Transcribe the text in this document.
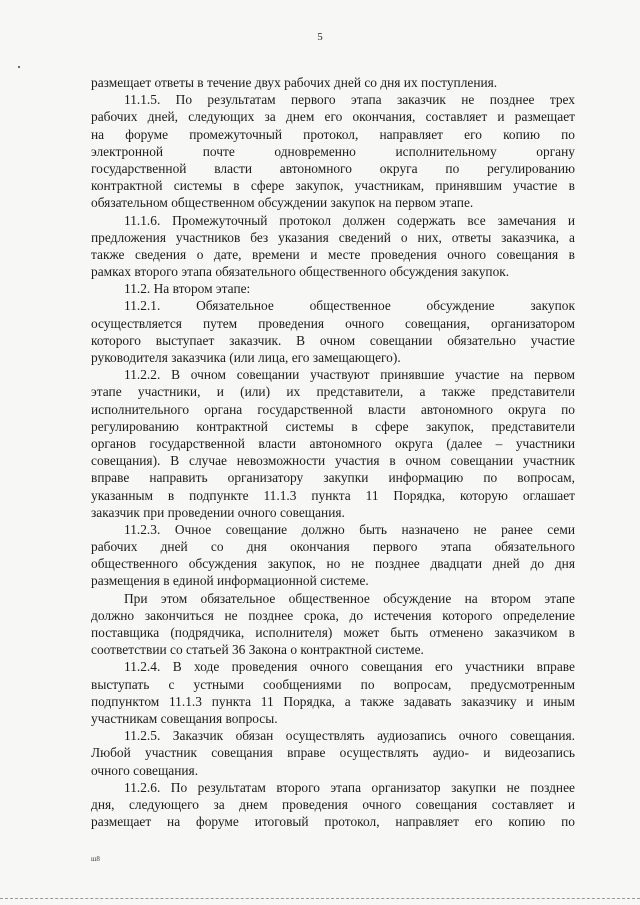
5
размещает ответы в течение двух рабочих дней со дня их поступления.
11.1.5. По результатам первого этапа заказчик не позднее трех
рабочих дней, следующих за днем его окончания, составляет и размещает
на форуме промежуточный протокол, направляет его копию по
электронной почте одновременно исполнительному органу
государственной власти автономного округа по регулированию
контрактной системы в сфере закупок, участникам, принявшим участие в
обязательном общественном обсуждении закупок на первом этапе.
11.1.6. Промежуточный протокол должен содержать все замечания и
предложения участников без указания сведений о них, ответы заказчика, а
также сведения о дате, времени и месте проведения очного совещания в
рамках второго этапа обязательного общественного обсуждения закупок.
11.2. На втором этапе:
11.2.1. Обязательное общественное обсуждение закупок
осуществляется путем проведения очного совещания, организатором
которого выступает заказчик. В очном совещании обязательно участие
руководителя заказчика (или лица, его замещающего).
11.2.2. В очном совещании участвуют принявшие участие на первом
этапе участники, и (или) их представители, а также представители
исполнительного органа государственной власти автономного округа по
регулированию контрактной системы в сфере закупок, представители
органов государственной власти автономного округа (далее – участники
совещания). В случае невозможности участия в очном совещании участник
вправе направить организатору закупки информацию по вопросам,
указанным в подпункте 11.1.3 пункта 11 Порядка, которую оглашает
заказчик при проведении очного совещания.
11.2.3. Очное совещание должно быть назначено не ранее семи
рабочих дней со дня окончания первого этапа обязательного
общественного обсуждения закупок, но не позднее двадцати дней до дня
размещения в единой информационной системе.
При этом обязательное общественное обсуждение на втором этапе
должно закончиться не позднее срока, до истечения которого определение
поставщика (подрядчика, исполнителя) может быть отменено заказчиком в
соответствии со статьей 36 Закона о контрактной системе.
11.2.4. В ходе проведения очного совещания его участники вправе
выступать с устными сообщениями по вопросам, предусмотренным
подпунктом 11.1.3 пункта 11 Порядка, а также задавать заказчику и иным
участникам совещания вопросы.
11.2.5. Заказчик обязан осуществлять аудиозапись очного совещания.
Любой участник совещания вправе осуществлять аудио- и видеозапись
очного совещания.
11.2.6. По результатам второго этапа организатор закупки не позднее
дня, следующего за днем проведения очного совещания составляет и
размещает на форуме итоговый протокол, направляет его копию по
ш8
